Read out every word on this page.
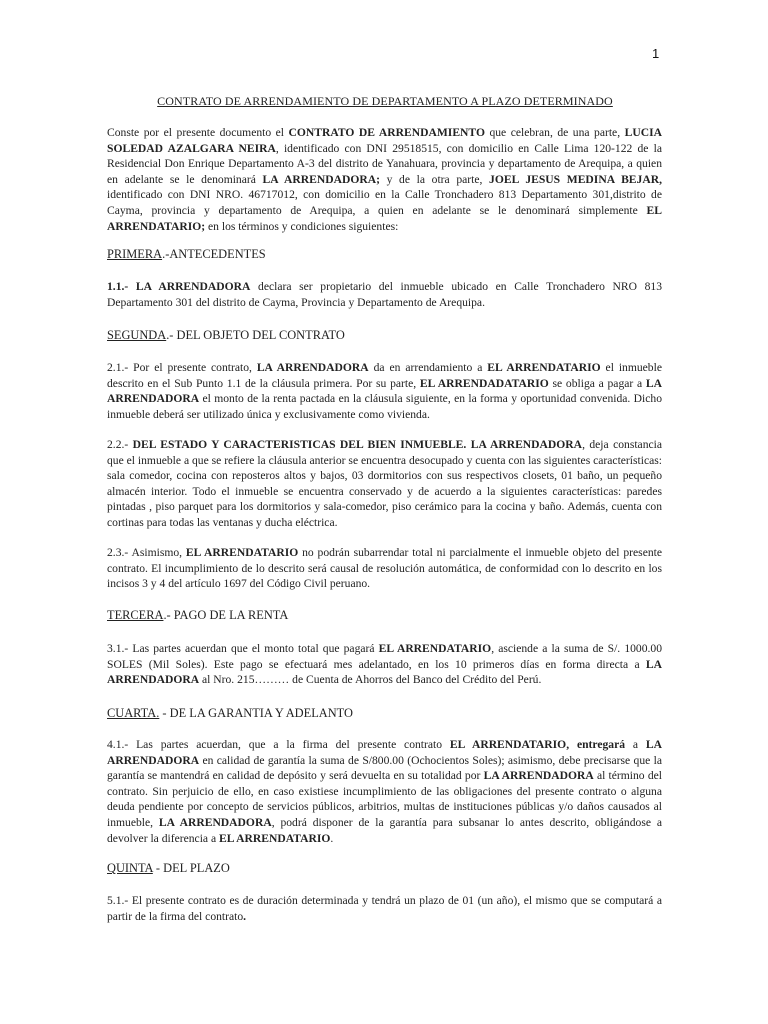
1
CONTRATO DE ARRENDAMIENTO DE DEPARTAMENTO A PLAZO DETERMINADO
Conste por el presente documento el CONTRATO DE ARRENDAMIENTO que celebran, de una parte, LUCIA SOLEDAD AZALGARA NEIRA, identificado con DNI 29518515, con domicilio en Calle Lima 120-122 de la Residencial Don Enrique Departamento A-3 del distrito de Yanahuara, provincia y departamento de Arequipa, a quien en adelante se le denominará LA ARRENDADORA; y de la otra parte, JOEL JESUS MEDINA BEJAR, identificado con DNI NRO. 46717012, con domicilio en la Calle Tronchadero 813 Departamento 301,distrito de Cayma, provincia y departamento de Arequipa, a quien en adelante se le denominará simplemente EL ARRENDATARIO; en los términos y condiciones siguientes:
PRIMERA.-ANTECEDENTES
1.1.- LA ARRENDADORA declara ser propietario del inmueble ubicado en Calle Tronchadero NRO 813 Departamento 301 del distrito de Cayma, Provincia y Departamento de Arequipa.
SEGUNDA.- DEL OBJETO DEL CONTRATO
2.1.- Por el presente contrato, LA ARRENDADORA da en arrendamiento a EL ARRENDATARIO el inmueble descrito en el Sub Punto 1.1 de la cláusula primera. Por su parte, EL ARRENDADATARIO se obliga a pagar a LA ARRENDADORA el monto de la renta pactada en la cláusula siguiente, en la forma y oportunidad convenida. Dicho inmueble deberá ser utilizado única y exclusivamente como vivienda.
2.2.- DEL ESTADO Y CARACTERISTICAS DEL BIEN INMUEBLE. LA ARRENDADORA, deja constancia que el inmueble a que se refiere la cláusula anterior se encuentra desocupado y cuenta con las siguientes características: sala comedor, cocina con reposteros altos y bajos, 03 dormitorios con sus respectivos closets, 01 baño, un pequeño almacén interior. Todo el inmueble se encuentra conservado y de acuerdo a la siguientes características: paredes pintadas , piso parquet para los dormitorios y sala-comedor, piso cerámico para la cocina y baño. Además, cuenta con cortinas para todas las ventanas y ducha eléctrica.
2.3.- Asimismo, EL ARRENDATARIO no podrán subarrendar total ni parcialmente el inmueble objeto del presente contrato. El incumplimiento de lo descrito será causal de resolución automática, de conformidad con lo descrito en los incisos 3 y 4 del artículo 1697 del Código Civil peruano.
TERCERA.- PAGO DE LA RENTA
3.1.- Las partes acuerdan que el monto total que pagará EL ARRENDATARIO, asciende a la suma de S/. 1000.00 SOLES (Mil Soles). Este pago se efectuará mes adelantado, en los 10 primeros días en forma directa a LA ARRENDADORA al Nro. 215……… de Cuenta de Ahorros del Banco del Crédito del Perú.
CUARTA. - DE LA GARANTIA Y ADELANTO
4.1.- Las partes acuerdan, que a la firma del presente contrato EL ARRENDATARIO, entregará a LA ARRENDADORA en calidad de garantía la suma de S/800.00 (Ochocientos Soles); asimismo, debe precisarse que la garantía se mantendrá en calidad de depósito y será devuelta en su totalidad por LA ARRENDADORA al término del contrato. Sin perjuicio de ello, en caso existiese incumplimiento de las obligaciones del presente contrato o alguna deuda pendiente por concepto de servicios públicos, arbitrios, multas de instituciones públicas y/o daños causados al inmueble, LA ARRENDADORA, podrá disponer de la garantía para subsanar lo antes descrito, obligándose a devolver la diferencia a EL ARRENDATARIO.
QUINTA - DEL PLAZO
5.1.- El presente contrato es de duración determinada y tendrá un plazo de 01 (un año), el mismo que se computará a partir de la firma del contrato.
